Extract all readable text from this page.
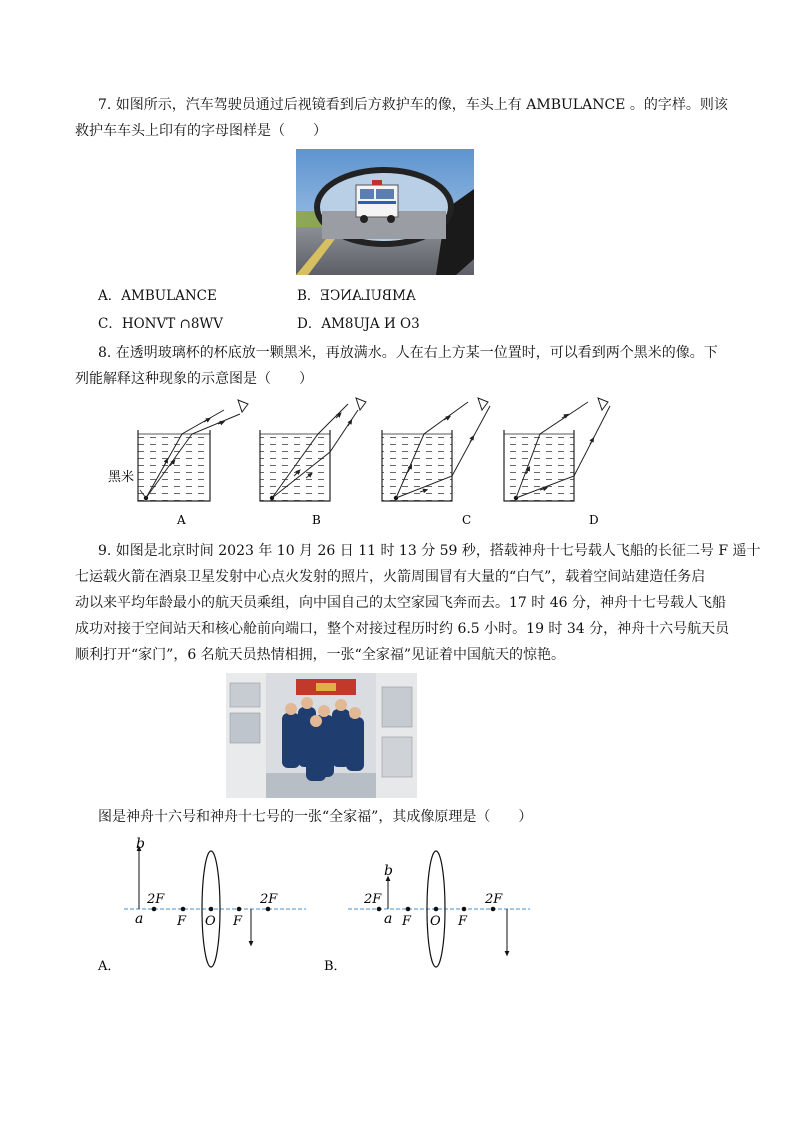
7. 如图所示，汽车驾驶员通过后视镜看到后方救护车的像，车头上有 AMBULANCE 。的字样。则该
救护车车头上印有的字母图样是（　　）
A．AMBULANCE	B．AMBULANCE
C．HONVT ∩8WV	D．AM8UJA И O3
8. 在透明玻璃杯的杯底放一颗黑米，再放满水。人在右上方某一位置时，可以看到两个黑米的像。下
列能解释这种现象的示意图是（　　）
黑米
A	B	C	D
9. 如图是北京时间 2023 年 10 月 26 日 11 时 13 分 59 秒，搭载神舟十七号载人飞船的长征二号 F 遥十
七运载火箭在酒泉卫星发射中心点火发射的照片，火箭周围冒有大量的“白气”，载着空间站建造任务启
动以来平均年龄最小的航天员乘组，向中国自己的太空家园飞奔而去。17 时 46 分，神舟十七号载人飞船
成功对接于空间站天和核心舱前向端口，整个对接过程历时约 6.5 小时。19 时 34 分，神舟十六号航天员
顺利打开“家门”，6 名航天员热情相拥，一张“全家福”见证着中国航天的惊艳。
图是神舟十六号和神舟十七号的一张“全家福”，其成像原理是（　　）
b
a
2F
F O F
2F
A．
b
a
2F
F O F
2F
B．
